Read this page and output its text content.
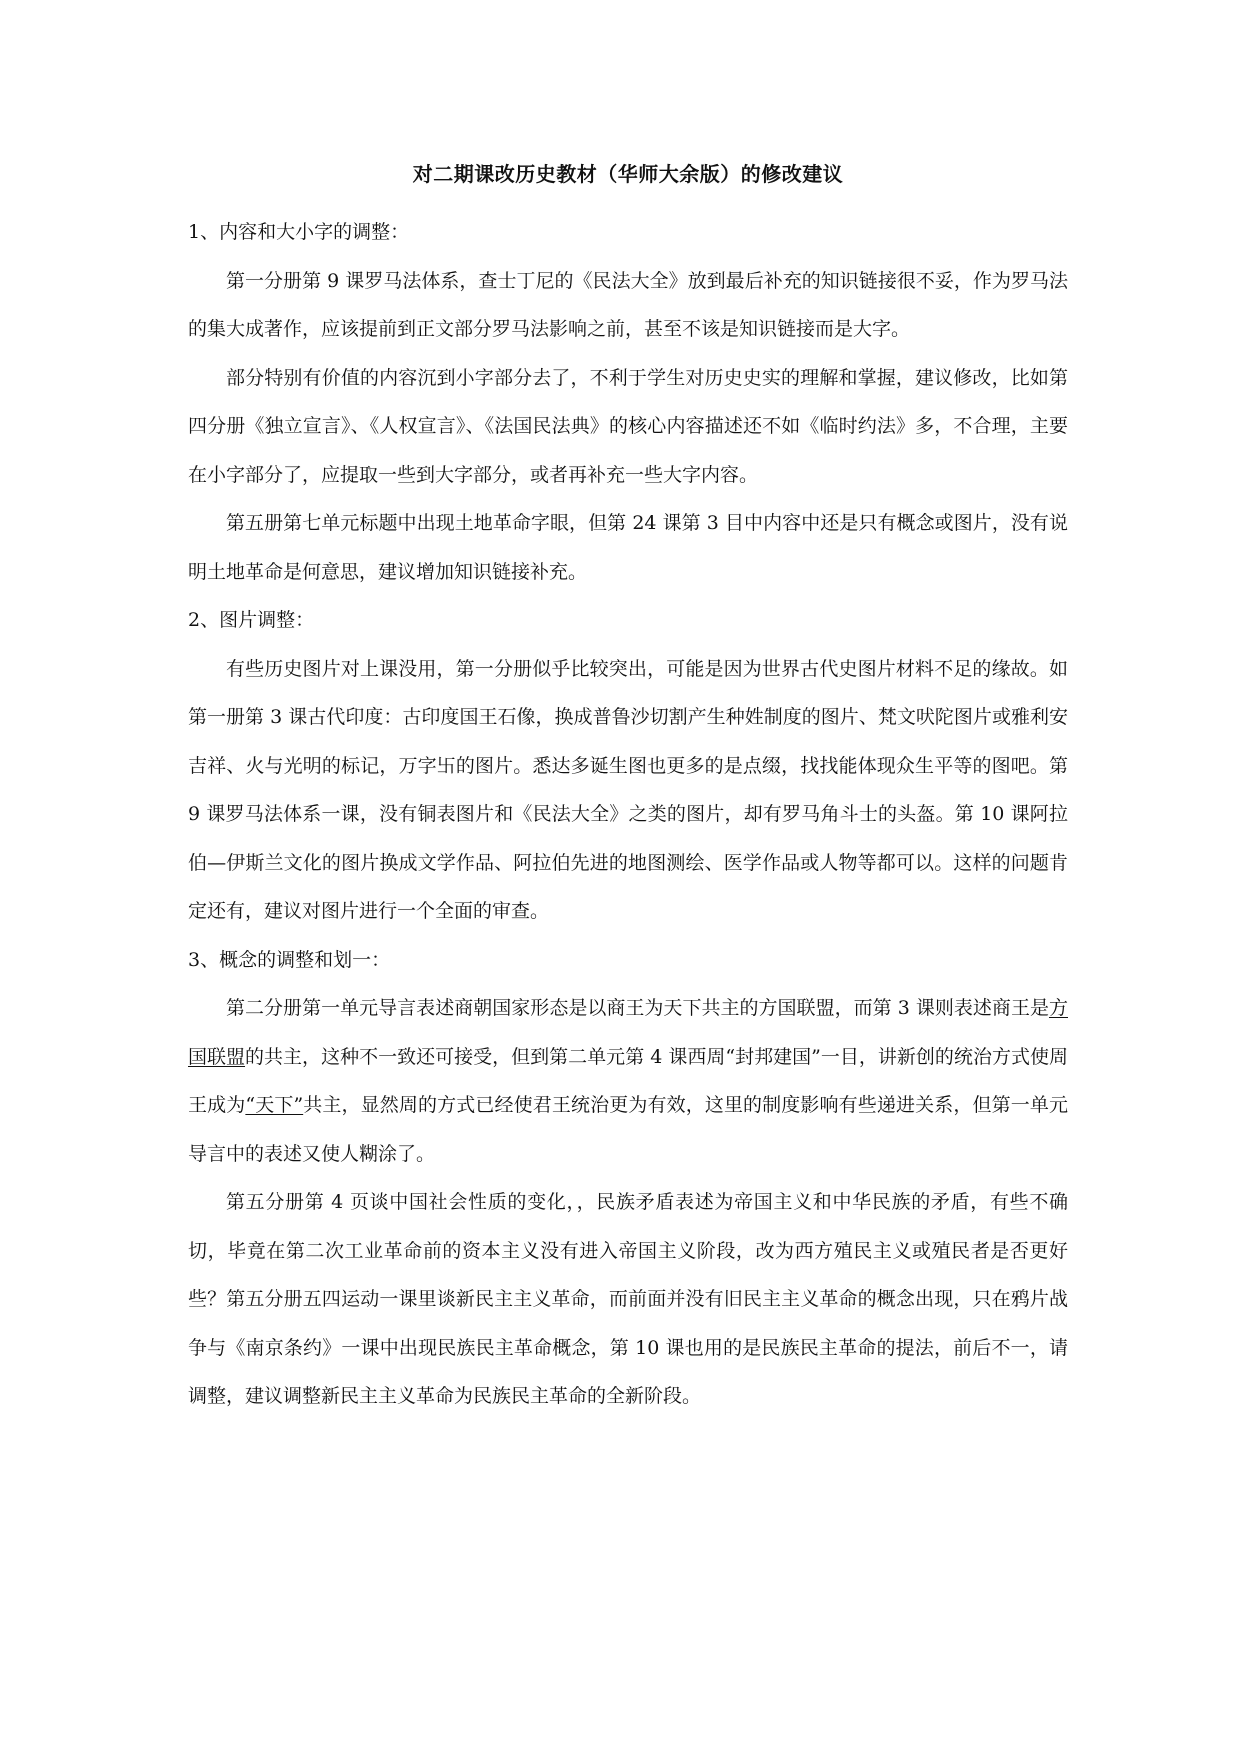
对二期课改历史教材（华师大余版）的修改建议

1、内容和大小字的调整：

第一分册第 9 课罗马法体系，查士丁尼的《民法大全》放到最后补充的知识链接很不妥，作为罗马法的集大成著作，应该提前到正文部分罗马法影响之前，甚至不该是知识链接而是大字。

部分特别有价值的内容沉到小字部分去了，不利于学生对历史史实的理解和掌握，建议修改，比如第四分册《独立宣言》、《人权宣言》、《法国民法典》的核心内容描述还不如《临时约法》多，不合理，主要在小字部分了，应提取一些到大字部分，或者再补充一些大字内容。

第五册第七单元标题中出现土地革命字眼，但第 24 课第 3 目中内容中还是只有概念或图片，没有说明土地革命是何意思，建议增加知识链接补充。

2、图片调整：

有些历史图片对上课没用，第一分册似乎比较突出，可能是因为世界古代史图片材料不足的缘故。如第一册第 3 课古代印度：古印度国王石像，换成普鲁沙切割产生种姓制度的图片、梵文吠陀图片或雅利安吉祥、火与光明的标记，万字卐的图片。悉达多诞生图也更多的是点缀，找找能体现众生平等的图吧。第 9 课罗马法体系一课，没有铜表图片和《民法大全》之类的图片，却有罗马角斗士的头盔。第 10 课阿拉伯—伊斯兰文化的图片换成文学作品、阿拉伯先进的地图测绘、医学作品或人物等都可以。这样的问题肯定还有，建议对图片进行一个全面的审查。

3、概念的调整和划一：

第二分册第一单元导言表述商朝国家形态是以商王为天下共主的方国联盟，而第 3 课则表述商王是方国联盟的共主，这种不一致还可接受，但到第二单元第 4 课西周“封邦建国”一目，讲新创的统治方式使周王成为“天下”共主，显然周的方式已经使君王统治更为有效，这里的制度影响有些递进关系，但第一单元导言中的表述又使人糊涂了。

第五分册第 4 页谈中国社会性质的变化，，民族矛盾表述为帝国主义和中华民族的矛盾，有些不确切，毕竟在第二次工业革命前的资本主义没有进入帝国主义阶段，改为西方殖民主义或殖民者是否更好些？第五分册五四运动一课里谈新民主主义革命，而前面并没有旧民主主义革命的概念出现，只在鸦片战争与《南京条约》一课中出现民族民主革命概念，第 10 课也用的是民族民主革命的提法，前后不一，请调整，建议调整新民主主义革命为民族民主革命的全新阶段。
